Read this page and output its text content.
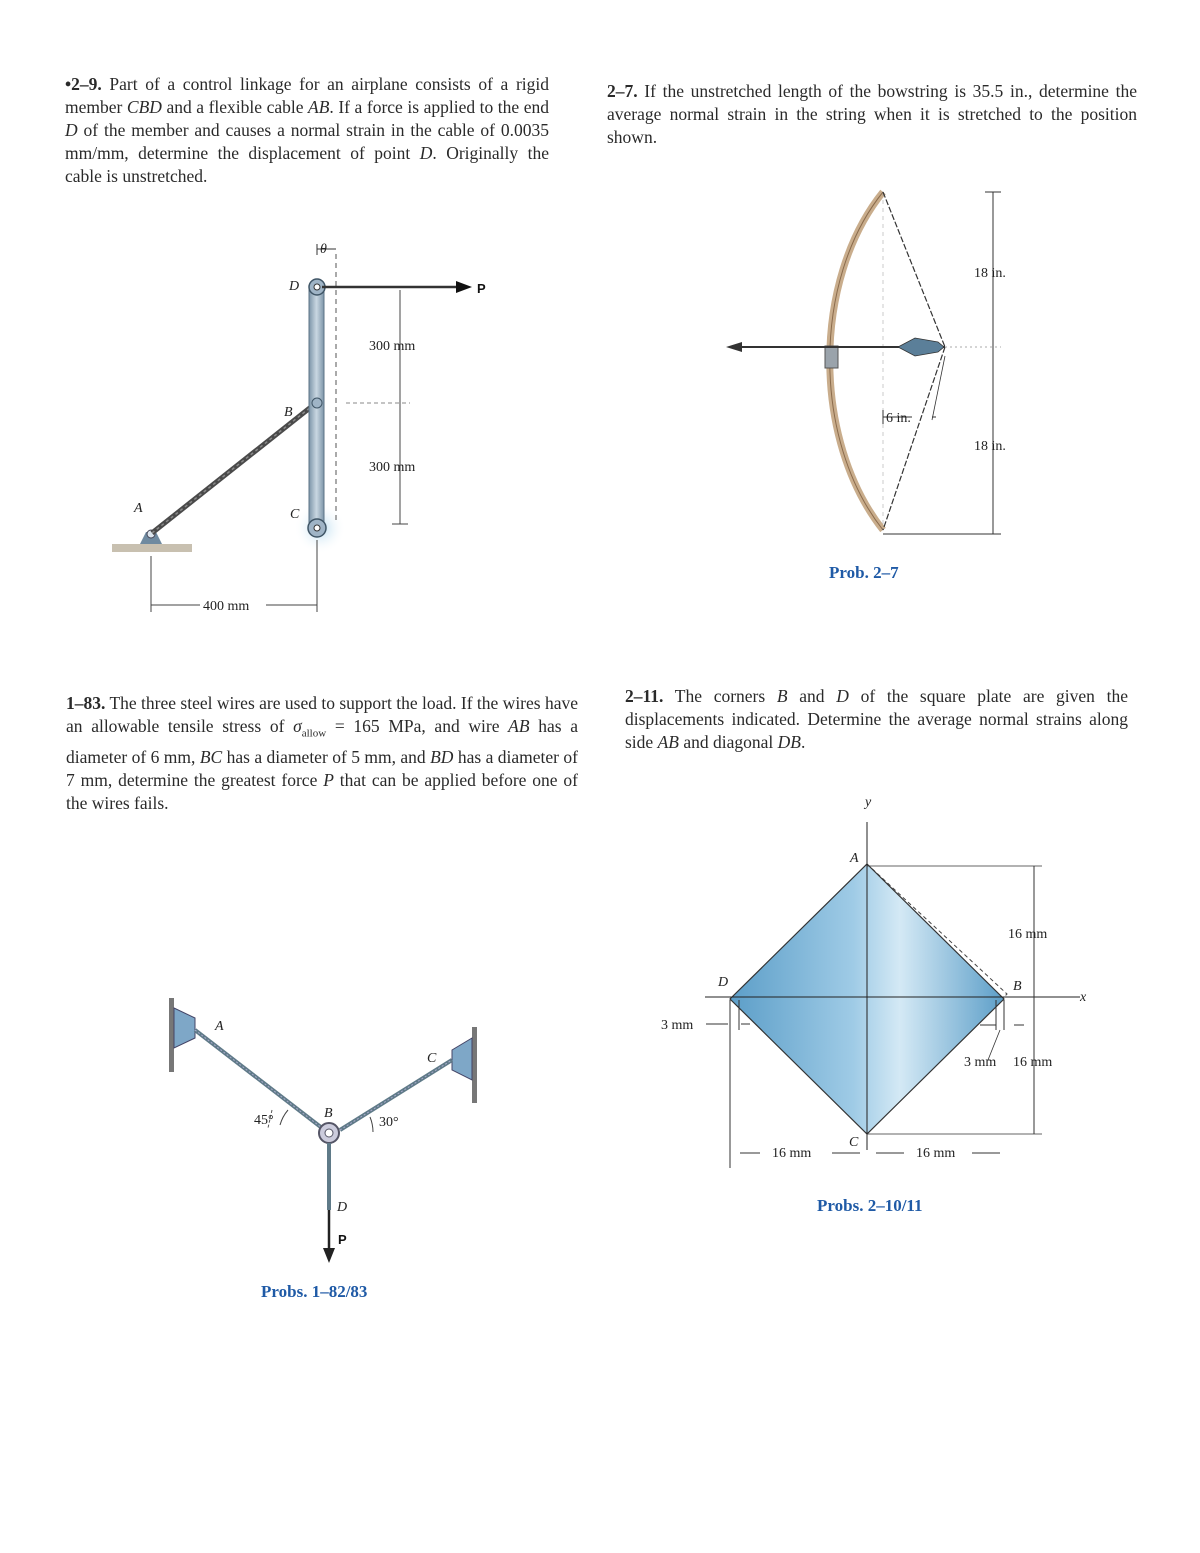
•2–9. Part of a control linkage for an airplane consists of a rigid member CBD and a flexible cable AB. If a force is applied to the end D of the member and causes a normal strain in the cable of 0.0035 mm/mm, determine the displacement of point D. Originally the cable is unstretched.
2–7. If the unstretched length of the bowstring is 35.5 in., determine the average normal strain in the string when it is stretched to the position shown.
1–83. The three steel wires are used to support the load. If the wires have an allowable tensile stress of $\sigma_{allow} = 165$ MPa, and wire AB has a diameter of 6 mm, BC has a diameter of 5 mm, and BD has a diameter of 7 mm, determine the greatest force P that can be applied before one of the wires fails.
2–11. The corners B and D of the square plate are given the displacements indicated. Determine the average normal strains along side AB and diagonal DB.
θ
300 mm
300 mm
400 mm
D
B
C
A
P
6 in.
18 in.
18 in.
Prob. 2–7
A
B
C
D
P
45°	30°
Probs. 1–82/83
y
x
A
B
C
D
16 mm
3 mm
3 mm 16 mm
16 mm	16 mm
Probs. 2–10/11
